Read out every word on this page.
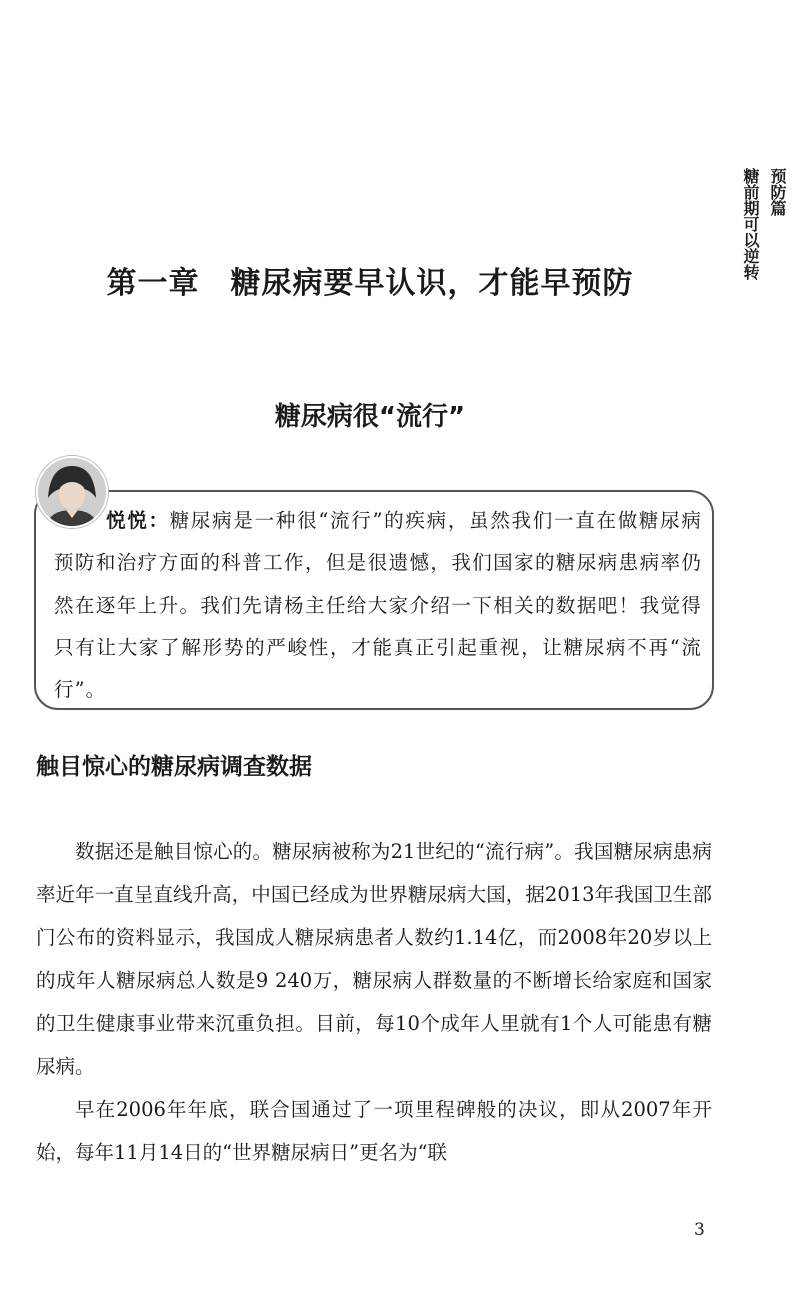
预防篇
糖前期可以逆转
第一章　糖尿病要早认识，才能早预防
糖尿病很“流行”

悦悦：糖尿病是一种很“流行”的疾病，虽然我们一直在做糖尿病预防和治疗方面的科普工作，但是很遗憾，我们国家的糖尿病患病率仍然在逐年上升。我们先请杨主任给大家介绍一下相关的数据吧！我觉得只有让大家了解形势的严峻性，才能真正引起重视，让糖尿病不再“流行”。

触目惊心的糖尿病调查数据

数据还是触目惊心的。糖尿病被称为21世纪的“流行病”。我国糖尿病患病率近年一直呈直线升高，中国已经成为世界糖尿病大国，据2013年我国卫生部门公布的资料显示，我国成人糖尿病患者人数约1.14亿，而2008年20岁以上的成年人糖尿病总人数是9 240万，糖尿病人群数量的不断增长给家庭和国家的卫生健康事业带来沉重负担。目前，每10个成年人里就有1个人可能患有糖尿病。

早在2006年年底，联合国通过了一项里程碑般的决议，即从2007年开始，每年11月14日的“世界糖尿病日”更名为“联

3
